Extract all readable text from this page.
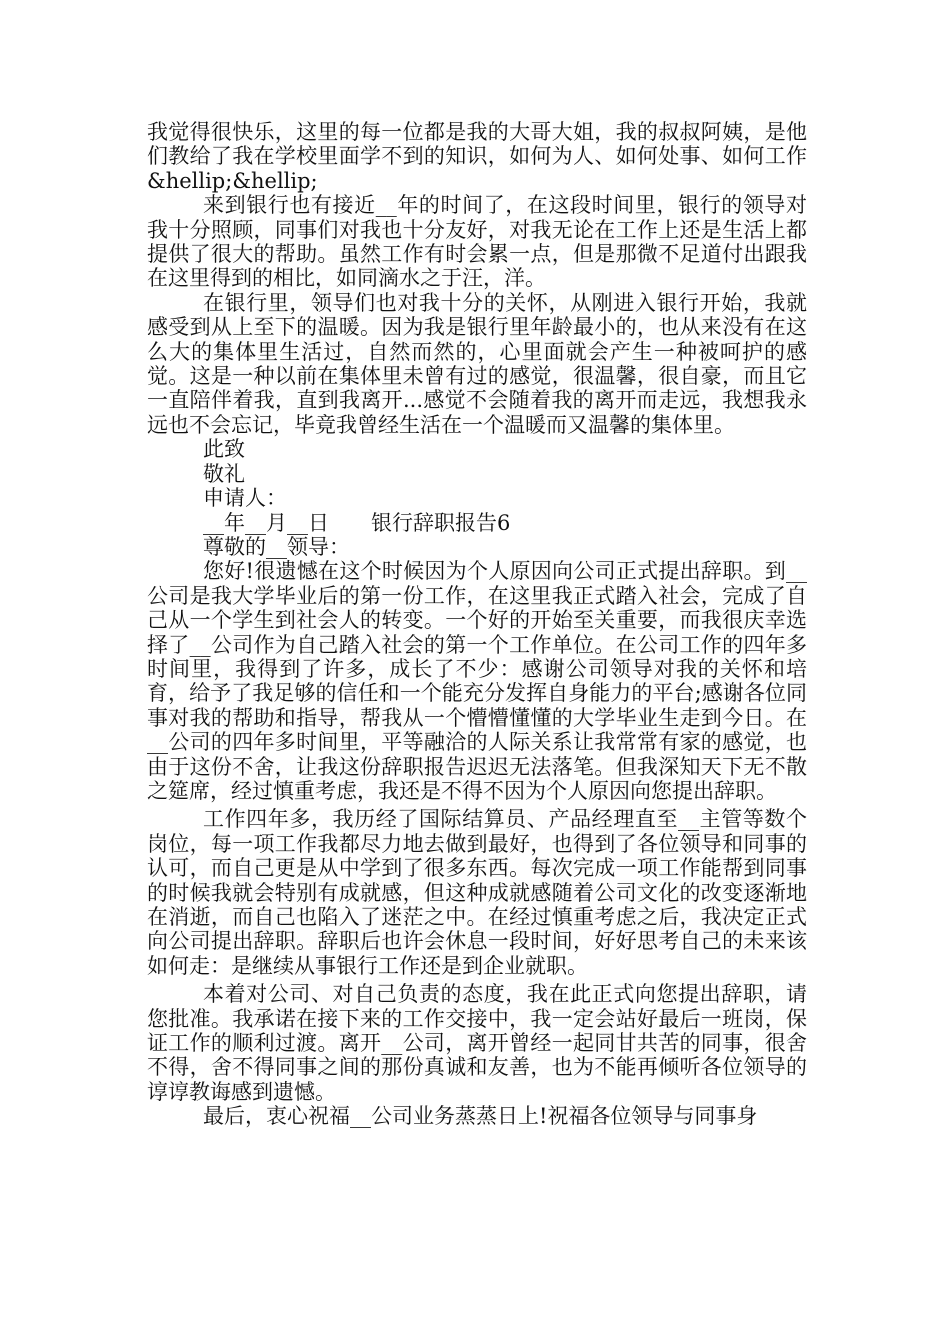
我觉得很快乐，这里的每一位都是我的大哥大姐，我的叔叔阿姨，是他们教给了我在学校里面学不到的知识，如何为人、如何处事、如何工作&hellip;&hellip;

来到银行也有接近__年的时间了，在这段时间里，银行的领导对我十分照顾，同事们对我也十分友好，对我无论在工作上还是生活上都提供了很大的帮助。虽然工作有时会累一点，但是那微不足道付出跟我在这里得到的相比，如同滴水之于汪，洋。

在银行里，领导们也对我十分的关怀，从刚进入银行开始，我就感受到从上至下的温暖。因为我是银行里年龄最小的，也从来没有在这么大的集体里生活过，自然而然的，心里面就会产生一种被呵护的感觉。这是一种以前在集体里未曾有过的感觉，很温馨，很自豪，而且它一直陪伴着我，直到我离开...感觉不会随着我的离开而走远，我想我永远也不会忘记，毕竟我曾经生活在一个温暖而又温馨的集体里。

此致

敬礼

申请人：

__年__月__日　　银行辞职报告6

尊敬的__领导：

您好!很遗憾在这个时候因为个人原因向公司正式提出辞职。到__公司是我大学毕业后的第一份工作，在这里我正式踏入社会，完成了自己从一个学生到社会人的转变。一个好的开始至关重要，而我很庆幸选择了__公司作为自己踏入社会的第一个工作单位。在公司工作的四年多时间里，我得到了许多，成长了不少：感谢公司领导对我的关怀和培育，给予了我足够的信任和一个能充分发挥自身能力的平台;感谢各位同事对我的帮助和指导，帮我从一个懵懵懂懂的大学毕业生走到今日。在__公司的四年多时间里，平等融洽的人际关系让我常常有家的感觉，也由于这份不舍，让我这份辞职报告迟迟无法落笔。但我深知天下无不散之筵席，经过慎重考虑，我还是不得不因为个人原因向您提出辞职。

工作四年多，我历经了国际结算员、产品经理直至__主管等数个岗位，每一项工作我都尽力地去做到最好，也得到了各位领导和同事的认可，而自己更是从中学到了很多东西。每次完成一项工作能帮到同事的时候我就会特别有成就感，但这种成就感随着公司文化的改变逐渐地在消逝，而自己也陷入了迷茫之中。在经过慎重考虑之后，我决定正式向公司提出辞职。辞职后也许会休息一段时间，好好思考自己的未来该如何走：是继续从事银行工作还是到企业就职。

本着对公司、对自己负责的态度，我在此正式向您提出辞职，请您批准。我承诺在接下来的工作交接中，我一定会站好最后一班岗，保证工作的顺利过渡。离开__公司，离开曾经一起同甘共苦的同事，很舍不得，舍不得同事之间的那份真诚和友善，也为不能再倾听各位领导的谆谆教诲感到遗憾。

最后，衷心祝福__公司业务蒸蒸日上!祝福各位领导与同事身
